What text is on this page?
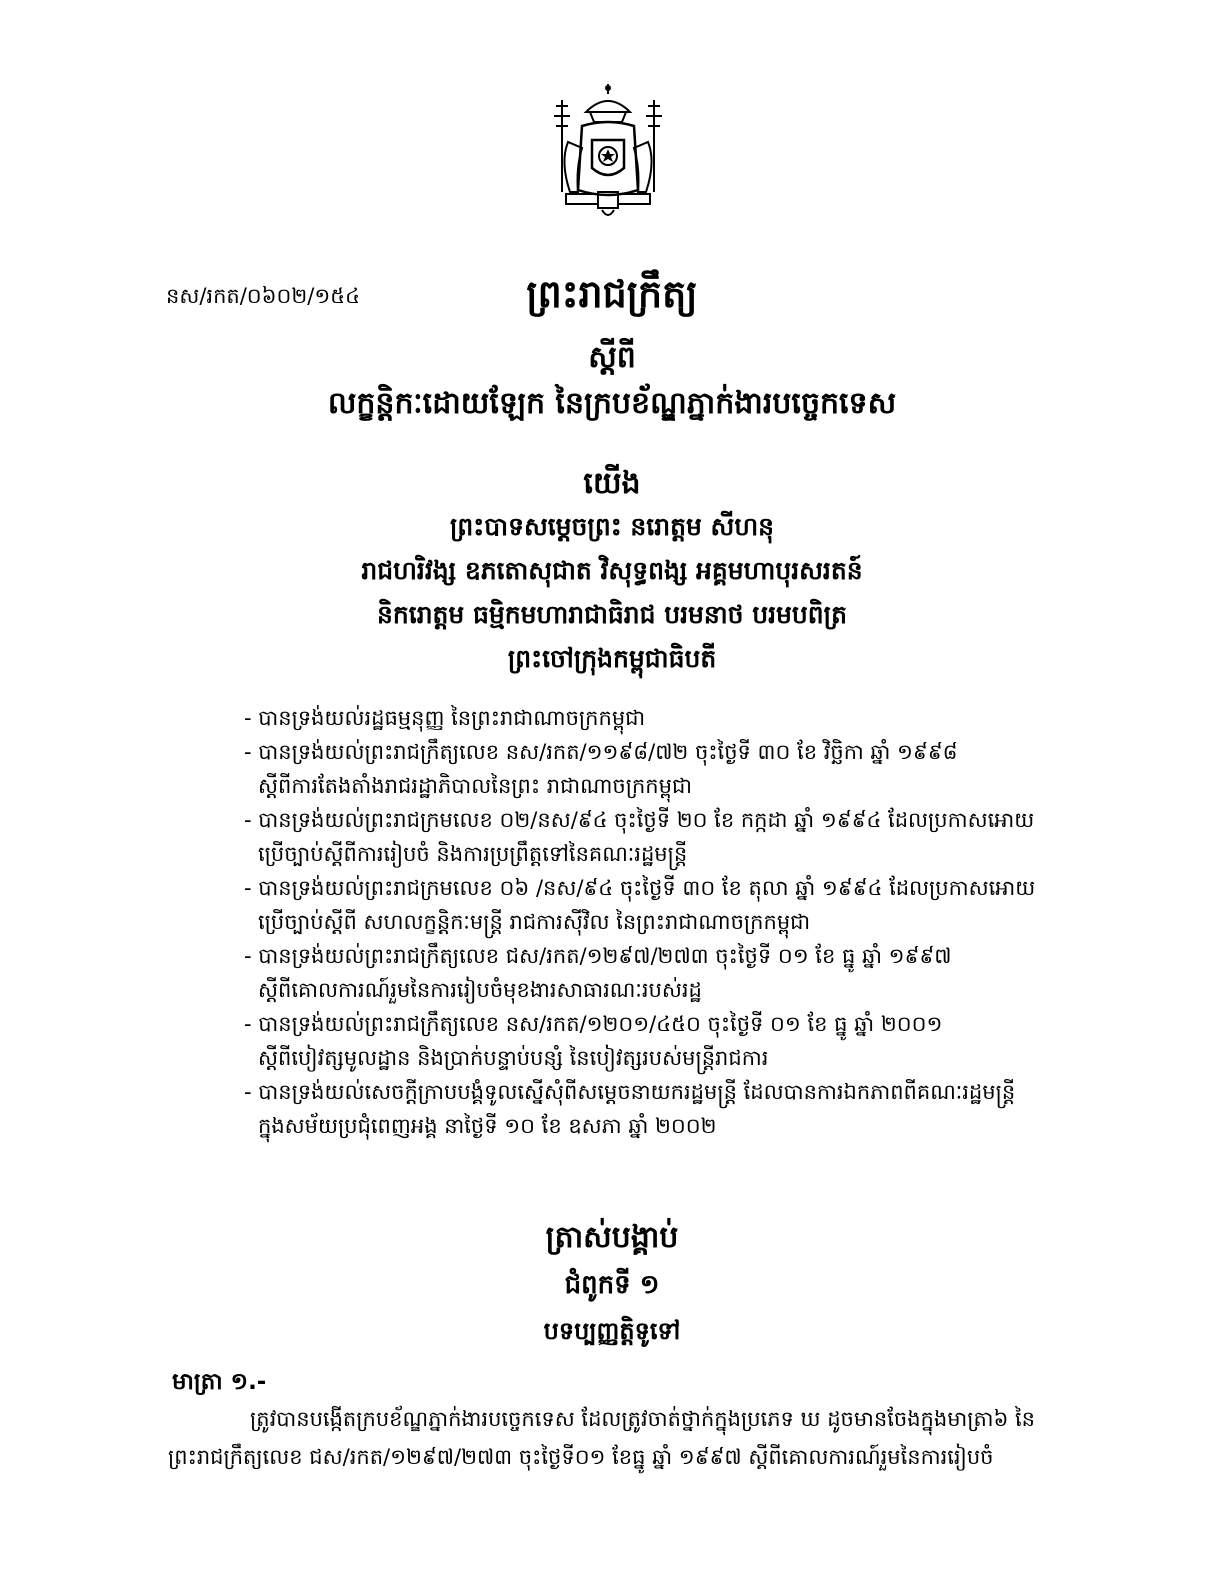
នស/រកត/០៦០២/១៥៤	ព្រះរាជក្រឹត្យ
ស្តីពី
លក្ខន្តិកៈដោយឡែក នៃក្របខ័ណ្ឌភ្នាក់ងារបច្ចេកទេស
យើង
ព្រះបាទសម្តេចព្រះ នរោត្តម សីហនុ
រាជហរិវង្ស ឧភតោសុជាត វិសុទ្ធពង្ស អគ្គមហាបុរសរតន៍
និករោត្តម ធម្មិកមហារាជាធិរាជ បរមនាថ បរមបពិត្រ
ព្រះចៅក្រុងកម្ពុជាធិបតី
- បានទ្រង់យល់រដ្ឋធម្មនុញ្ញ នៃព្រះរាជាណាចក្រកម្ពុជា
- បានទ្រង់យល់ព្រះរាជក្រឹត្យលេខ នស/រកត/១១៩៨/៧២ ចុះថ្ងៃទី ៣០ ខែ វិច្ឆិកា ឆ្នាំ ១៩៩៨
ស្តីពីការតែងតាំងរាជរដ្ឋាភិបាលនៃព្រះ រាជាណាចក្រកម្ពុជា
- បានទ្រង់យល់ព្រះរាជក្រមលេខ ០២/នស/៩៤ ចុះថ្ងៃទី ២០ ខែ កក្កដា ឆ្នាំ ១៩៩៤ ដែលប្រកាសអោយ
ប្រើច្បាប់ស្តីពីការរៀបចំ និងការប្រព្រឹត្តទៅនៃគណៈរដ្ឋមន្ត្រី
- បានទ្រង់យល់ព្រះរាជក្រមលេខ ០៦ /នស/៩៤ ចុះថ្ងៃទី ៣០ ខែ តុលា ឆ្នាំ ១៩៩៤ ដែលប្រកាសអោយ
ប្រើច្បាប់ស្តីពី សហលក្ខន្តិកៈមន្ត្រី រាជការស៊ីវិល នៃព្រះរាជាណាចក្រកម្ពុជា
- បានទ្រង់យល់ព្រះរាជក្រឹត្យលេខ ជស/រកត/១២៩៧/២៧៣ ចុះថ្ងៃទី ០១ ខែ ធ្នូ ឆ្នាំ ១៩៩៧
ស្តីពីគោលការណ៍រួមនៃការរៀបចំមុខងារសាធារណៈរបស់រដ្ឋ
- បានទ្រង់យល់ព្រះរាជក្រឹត្យលេខ នស/រកត/១២០១/៤៥០ ចុះថ្ងៃទី ០១ ខែ ធ្នូ ឆ្នាំ ២០០១
ស្តីពីបៀវត្សមូលដ្ឋាន និងប្រាក់បន្ទាប់បន្សំ នៃបៀវត្សរបស់មន្ត្រីរាជការ
- បានទ្រង់យល់សេចក្តីក្រាបបង្គំទូលស្នើសុំពីសម្តេចនាយករដ្ឋមន្ត្រី ដែលបានការឯកភាពពីគណៈរដ្ឋមន្ត្រី
ក្នុងសម័យប្រជុំពេញអង្គ នាថ្ងៃទី ១០ ខែ ឧសភា ឆ្នាំ ២០០២
ត្រាស់បង្គាប់
ជំពូកទី ១
បទប្បញ្ញត្តិទូទៅ
មាត្រា ១.-
ត្រូវបានបង្កើតក្របខ័ណ្ឌភ្នាក់ងារបច្ចេកទេស ដែលត្រូវចាត់ថ្នាក់ក្នុងប្រភេទ ឃ ដូចមានចែងក្នុងមាត្រា៦ នៃ
ព្រះរាជក្រឹត្យលេខ ជស/រកត/១២៩៧/២៧៣ ចុះថ្ងៃទី០១ ខែធ្នូ ឆ្នាំ ១៩៩៧ ស្តីពីគោលការណ៍រួមនៃការរៀបចំ
